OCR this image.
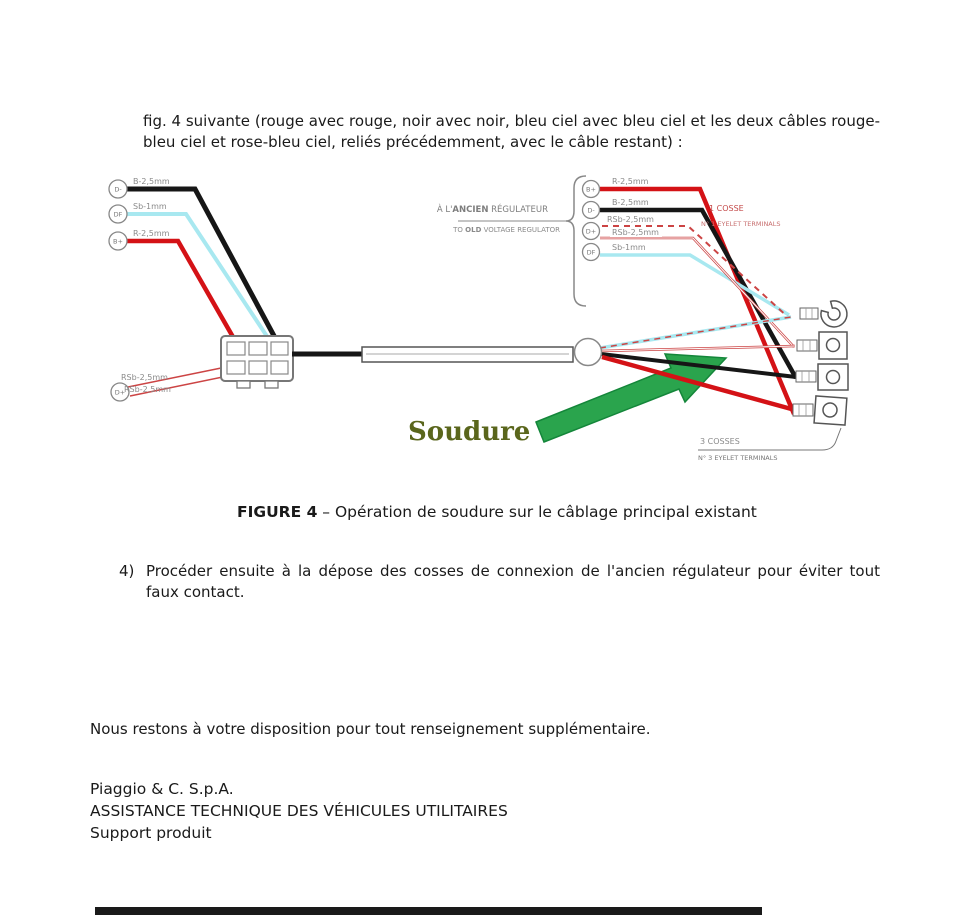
fig. 4 suivante (rouge avec rouge, noir avec noir, bleu ciel avec bleu ciel et les deux câbles rouge-bleu ciel et rose-bleu ciel, reliés précédemment, avec le câble restant) :
D-
DF
B+
D+
B-2,5mm
Sb-1mm
R-2,5mm
RSb-2,5mm
RSb-2,5mm
B+
D-
D+
DF
R-2,5mm
B-2,5mm
RSb-2,5mm
RSb-2,5mm
Sb-1mm
À L'ANCIEN RÉGULATEUR
TO OLD VOLTAGE REGULATOR
1 COSSE
N° 1 EYELET TERMINALS
3 COSSES
N° 3 EYELET TERMINALS
Soudure
FIGURE 4 – Opération de soudure sur le câblage principal existant
4) Procéder ensuite à la dépose des cosses de connexion de l'ancien régulateur pour éviter tout faux contact.
Nous restons à votre disposition pour tout renseignement supplémentaire.
Piaggio & C. S.p.A.
ASSISTANCE TECHNIQUE DES VÉHICULES UTILITAIRES
Support produit
